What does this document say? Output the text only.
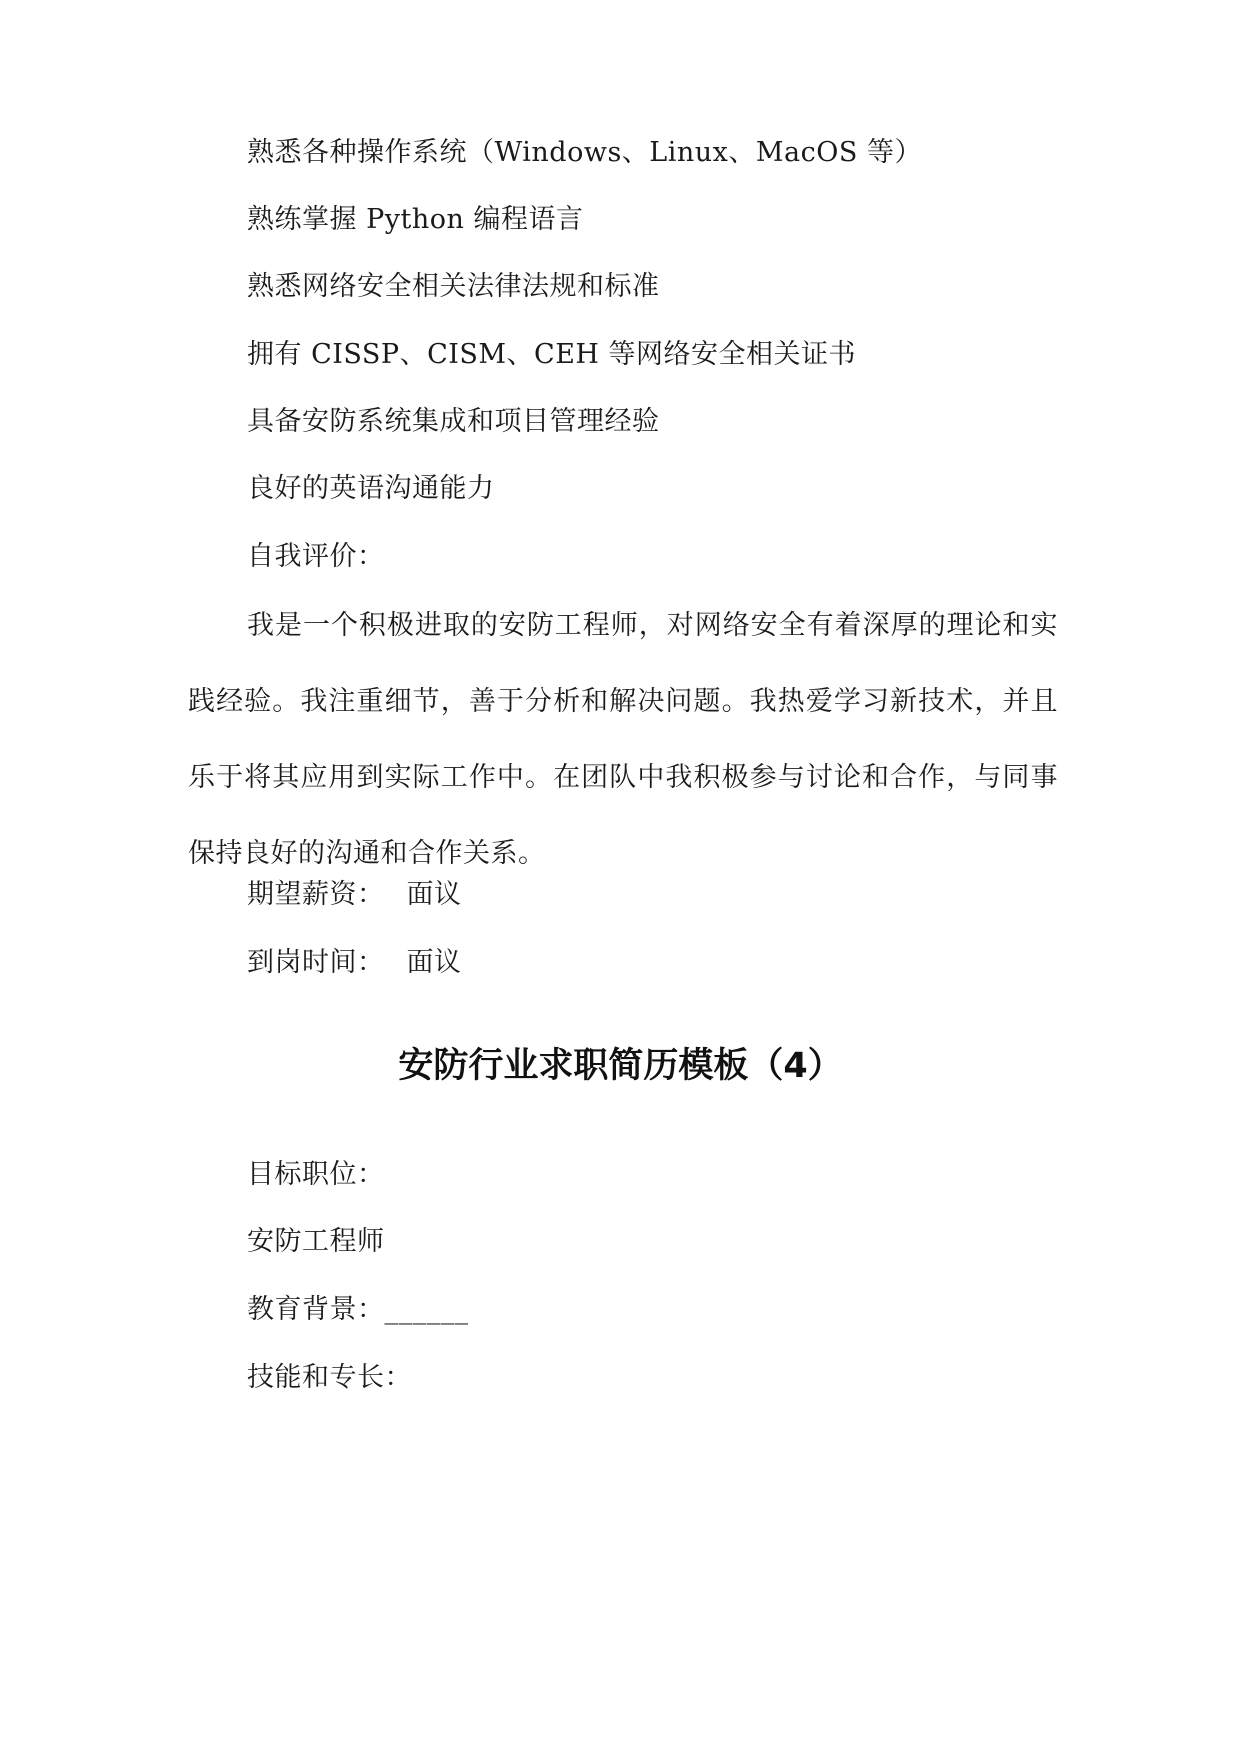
熟悉各种操作系统（Windows、Linux、MacOS 等）
熟练掌握 Python 编程语言
熟悉网络安全相关法律法规和标准
拥有 CISSP、CISM、CEH 等网络安全相关证书
具备安防系统集成和项目管理经验
良好的英语沟通能力
自我评价：
我是一个积极进取的安防工程师，对网络安全有着深厚的理论和实践经验。我注重细节，善于分析和解决问题。我热爱学习新技术，并且乐于将其应用到实际工作中。在团队中我积极参与讨论和合作，与同事保持良好的沟通和合作关系。
期望薪资： 面议
到岗时间： 面议
安防行业求职简历模板（4）
目标职位：
安防工程师
教育背景：______
技能和专长：
